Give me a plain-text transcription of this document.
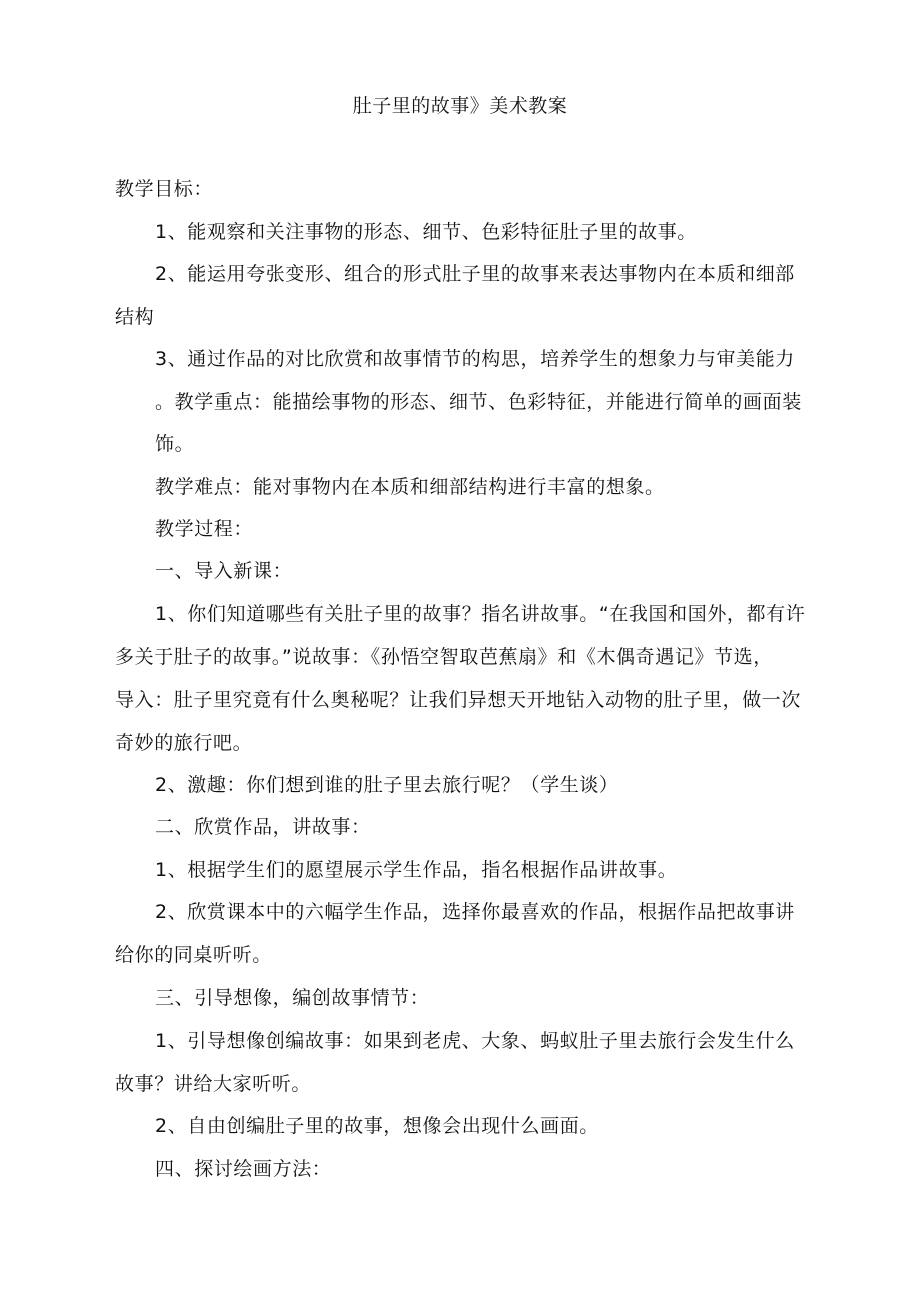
肚子里的故事》美术教案
教学目标：
1、能观察和关注事物的形态、细节、色彩特征肚子里的故事。
2、能运用夸张变形、组合的形式肚子里的故事来表达事物内在本质和细部
结构
3、通过作品的对比欣赏和故事情节的构思，培养学生的想象力与审美能力
。教学重点：能描绘事物的形态、细节、色彩特征，并能进行简单的画面装
饰。
教学难点：能对事物内在本质和细部结构进行丰富的想象。
教学过程：
一、导入新课：
1、你们知道哪些有关肚子里的故事？指名讲故事。“在我国和国外，都有许
多关于肚子的故事。”说故事：《孙悟空智取芭蕉扇》和《木偶奇遇记》节选，
导入：肚子里究竟有什么奥秘呢？让我们异想天开地钻入动物的肚子里，做一次
奇妙的旅行吧。
2、激趣：你们想到谁的肚子里去旅行呢？（学生谈）
二、欣赏作品，讲故事：
1、根据学生们的愿望展示学生作品，指名根据作品讲故事。
2、欣赏课本中的六幅学生作品，选择你最喜欢的作品，根据作品把故事讲
给你的同桌听听。
三、引导想像，编创故事情节：
1、引导想像创编故事：如果到老虎、大象、蚂蚁肚子里去旅行会发生什么
故事？讲给大家听听。
2、自由创编肚子里的故事，想像会出现什么画面。
四、探讨绘画方法：
